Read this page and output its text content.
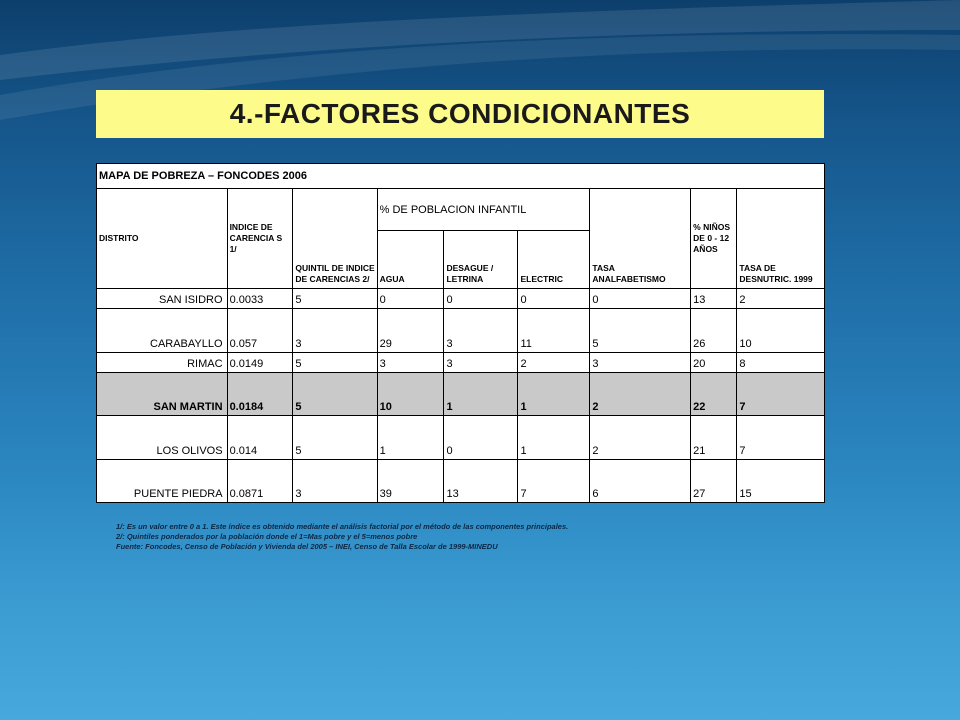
4.-FACTORES CONDICIONANTES
MAPA DE POBREZA – FONCODES 2006								
DISTRITO	INDICE DE CARENCIA S 1/	QUINTIL DE INDICE DE CARENCIAS 2/	% DE POBLACION INFANTIL			TASA ANALFABETISMO	% NIÑOS DE 0 - 12 AÑOS	TASA DE DESNUTRIC. 1999
			AGUA	DESAGUE / LETRINA	ELECTRIC			
SAN ISIDRO	0.0033	5	0	0	0	0	13	2
CARABAYLLO	0.057	3	29	3	11	5	26	10
RIMAC	0.0149	5	3	3	2	3	20	8
SAN MARTIN	0.0184	5	10	1	1	2	22	7
LOS OLIVOS	0.014	5	1	0	1	2	21	7
PUENTE PIEDRA	0.0871	3	39	13	7	6	27	15
1/: Es un valor entre 0 a 1. Este índice es obtenido mediante el análisis factorial por el método de las componentes principales.
2/: Quintiles ponderados por la población donde el 1=Mas pobre y el 5=menos pobre
Fuente: Foncodes, Censo de Población y Vivienda del 2005 – INEI, Censo de Talla Escolar de 1999-MINEDU
